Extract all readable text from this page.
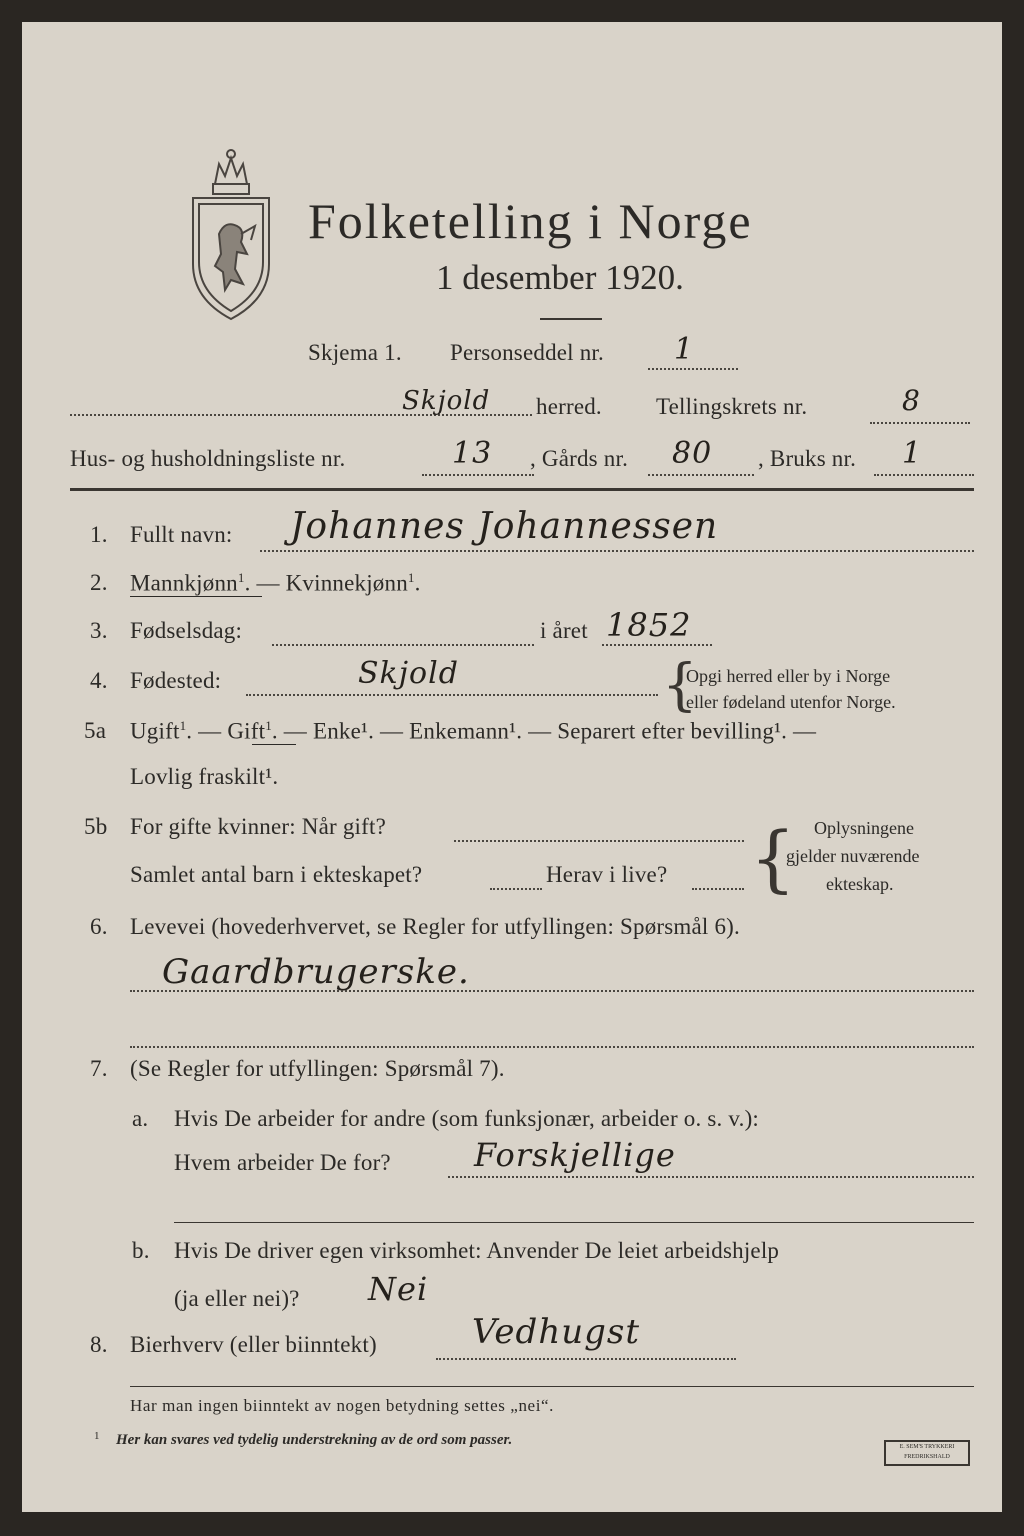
Folketelling i Norge
1 desember 1920.
Skjema 1. Personseddel nr. 1
Skjold herred. Tellingskrets nr.	8
Hus- og husholdningsliste nr.	13 , Gårds nr. 80 , Bruks nr. 1
1. Fullt navn: Johannes Johannessen
2. Mannkjønn$^1$. — Kvinnekjønn$^1$.
3. Fødselsdag:	i året 1852
4. Fødested:	Skjold	{
Opgi herred eller by i Norge
eller fødeland utenfor Norge.
5a Ugift$^1$. — Gift$^1$. — Enke¹. — Enkemann¹. — Separert efter bevilling¹. —
Lovlig fraskilt¹.
5b For gifte kvinner: Når gift?
Samlet antal barn i ekteskapet?	Herav i live? { Oplysningene
gjelder nuværende
ekteskap.
6. Levevei (hovederhvervet, se Regler for utfyllingen: Spørsmål 6).
Gaardbrugerske.
7. (Se Regler for utfyllingen: Spørsmål 7).
a. Hvis De arbeider for andre (som funksjonær, arbeider o. s. v.):
Hvem arbeider De for?	Forskjellige
b. Hvis De driver egen virksomhet: Anvender De leiet arbeidshjelp
(ja eller nei)? Nei
8. Bierhverv (eller biinntekt)	Vedhugst
Har man ingen biinntekt av nogen betydning settes „nei“.
1 Her kan svares ved tydelig understrekning av de ord som passer.	E. SEM'S TRYKKERI FREDRIKSHALD
